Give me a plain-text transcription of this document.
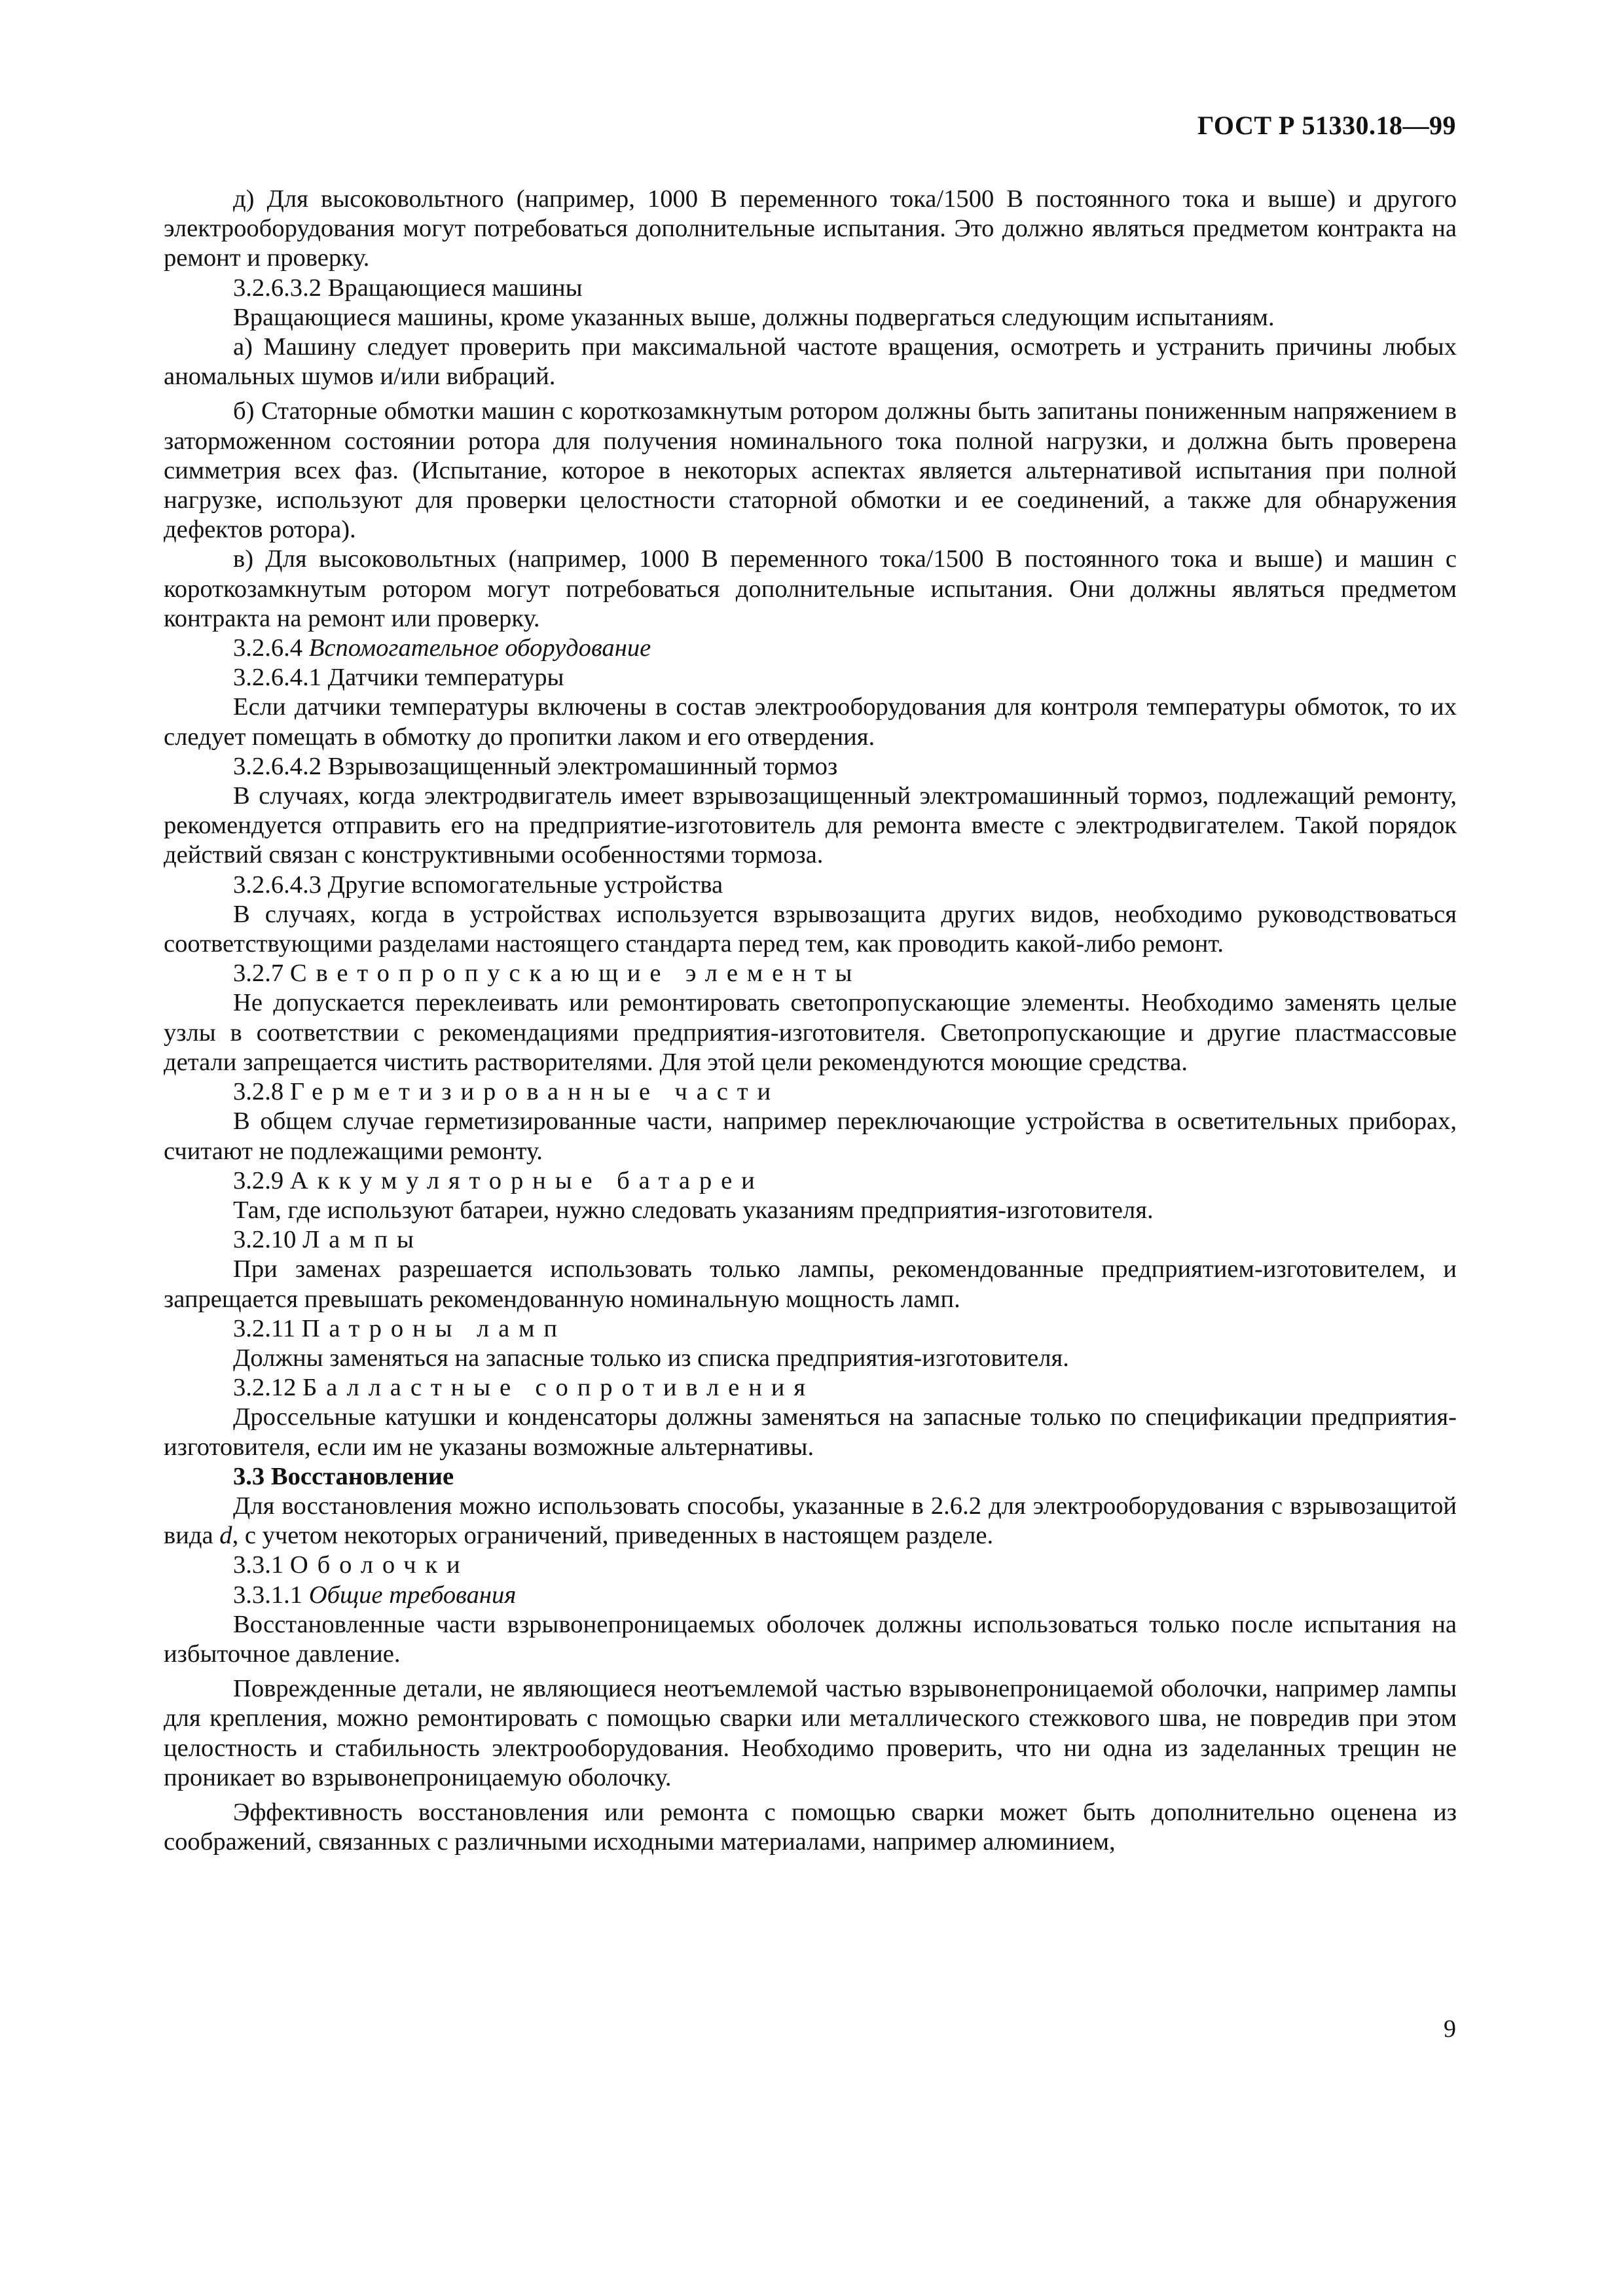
ГОСТ Р 51330.18—99

д) Для высоковольтного (например, 1000 В переменного тока/1500 В постоянного тока и выше) и другого электрооборудования могут потребоваться дополнительные испытания. Это должно являться предметом контракта на ремонт и проверку.

3.2.6.3.2 Вращающиеся машины

Вращающиеся машины, кроме указанных выше, должны подвергаться следующим испытаниям.

а) Машину следует проверить при максимальной частоте вращения, осмотреть и устранить причины любых аномальных шумов и/или вибраций.

б) Статорные обмотки машин с короткозамкнутым ротором должны быть запитаны пониженным напряжением в заторможенном состоянии ротора для получения номинального тока полной нагрузки, и должна быть проверена симметрия всех фаз. (Испытание, которое в некоторых аспектах является альтернативой испытания при полной нагрузке, используют для проверки целостности статорной обмотки и ее соединений, а также для обнаружения дефектов ротора).

в) Для высоковольтных (например, 1000 В переменного тока/1500 В постоянного тока и выше) и машин с короткозамкнутым ротором могут потребоваться дополнительные испытания. Они должны являться предметом контракта на ремонт или проверку.

3.2.6.4 Вспомогательное оборудование

3.2.6.4.1 Датчики температуры

Если датчики температуры включены в состав электрооборудования для контроля температуры обмоток, то их следует помещать в обмотку до пропитки лаком и его отвердения.

3.2.6.4.2 Взрывозащищенный электромашинный тормоз

В случаях, когда электродвигатель имеет взрывозащищенный электромашинный тормоз, подлежащий ремонту, рекомендуется отправить его на предприятие-изготовитель для ремонта вместе с электродвигателем. Такой порядок действий связан с конструктивными особенностями тормоза.

3.2.6.4.3 Другие вспомогательные устройства

В случаях, когда в устройствах используется взрывозащита других видов, необходимо руководствоваться соответствующими разделами настоящего стандарта перед тем, как проводить какой-либо ремонт.

3.2.7 Светопропускающие элементы

Не допускается переклеивать или ремонтировать светопропускающие элементы. Необходимо заменять целые узлы в соответствии с рекомендациями предприятия-изготовителя. Светопропускающие и другие пластмассовые детали запрещается чистить растворителями. Для этой цели рекомендуются моющие средства.

3.2.8 Герметизированные части

В общем случае герметизированные части, например переключающие устройства в осветительных приборах, считают не подлежащими ремонту.

3.2.9 Аккумуляторные батареи

Там, где используют батареи, нужно следовать указаниям предприятия-изготовителя.

3.2.10 Лампы

При заменах разрешается использовать только лампы, рекомендованные предприятием-изготовителем, и запрещается превышать рекомендованную номинальную мощность ламп.

3.2.11 Патроны ламп

Должны заменяться на запасные только из списка предприятия-изготовителя.

3.2.12 Балластные сопротивления

Дроссельные катушки и конденсаторы должны заменяться на запасные только по спецификации предприятия-изготовителя, если им не указаны возможные альтернативы.

3.3 Восстановление

Для восстановления можно использовать способы, указанные в 2.6.2 для электрооборудования с взрывозащитой вида d, с учетом некоторых ограничений, приведенных в настоящем разделе.

3.3.1 Оболочки

3.3.1.1 Общие требования

Восстановленные части взрывонепроницаемых оболочек должны использоваться только после испытания на избыточное давление.

Поврежденные детали, не являющиеся неотъемлемой частью взрывонепроницаемой оболочки, например лампы для крепления, можно ремонтировать с помощью сварки или металлического стежкового шва, не повредив при этом целостность и стабильность электрооборудования. Необходимо проверить, что ни одна из заделанных трещин не проникает во взрывонепроницаемую оболочку.

Эффективность восстановления или ремонта с помощью сварки может быть дополнительно оценена из соображений, связанных с различными исходными материалами, например алюминием,

9
